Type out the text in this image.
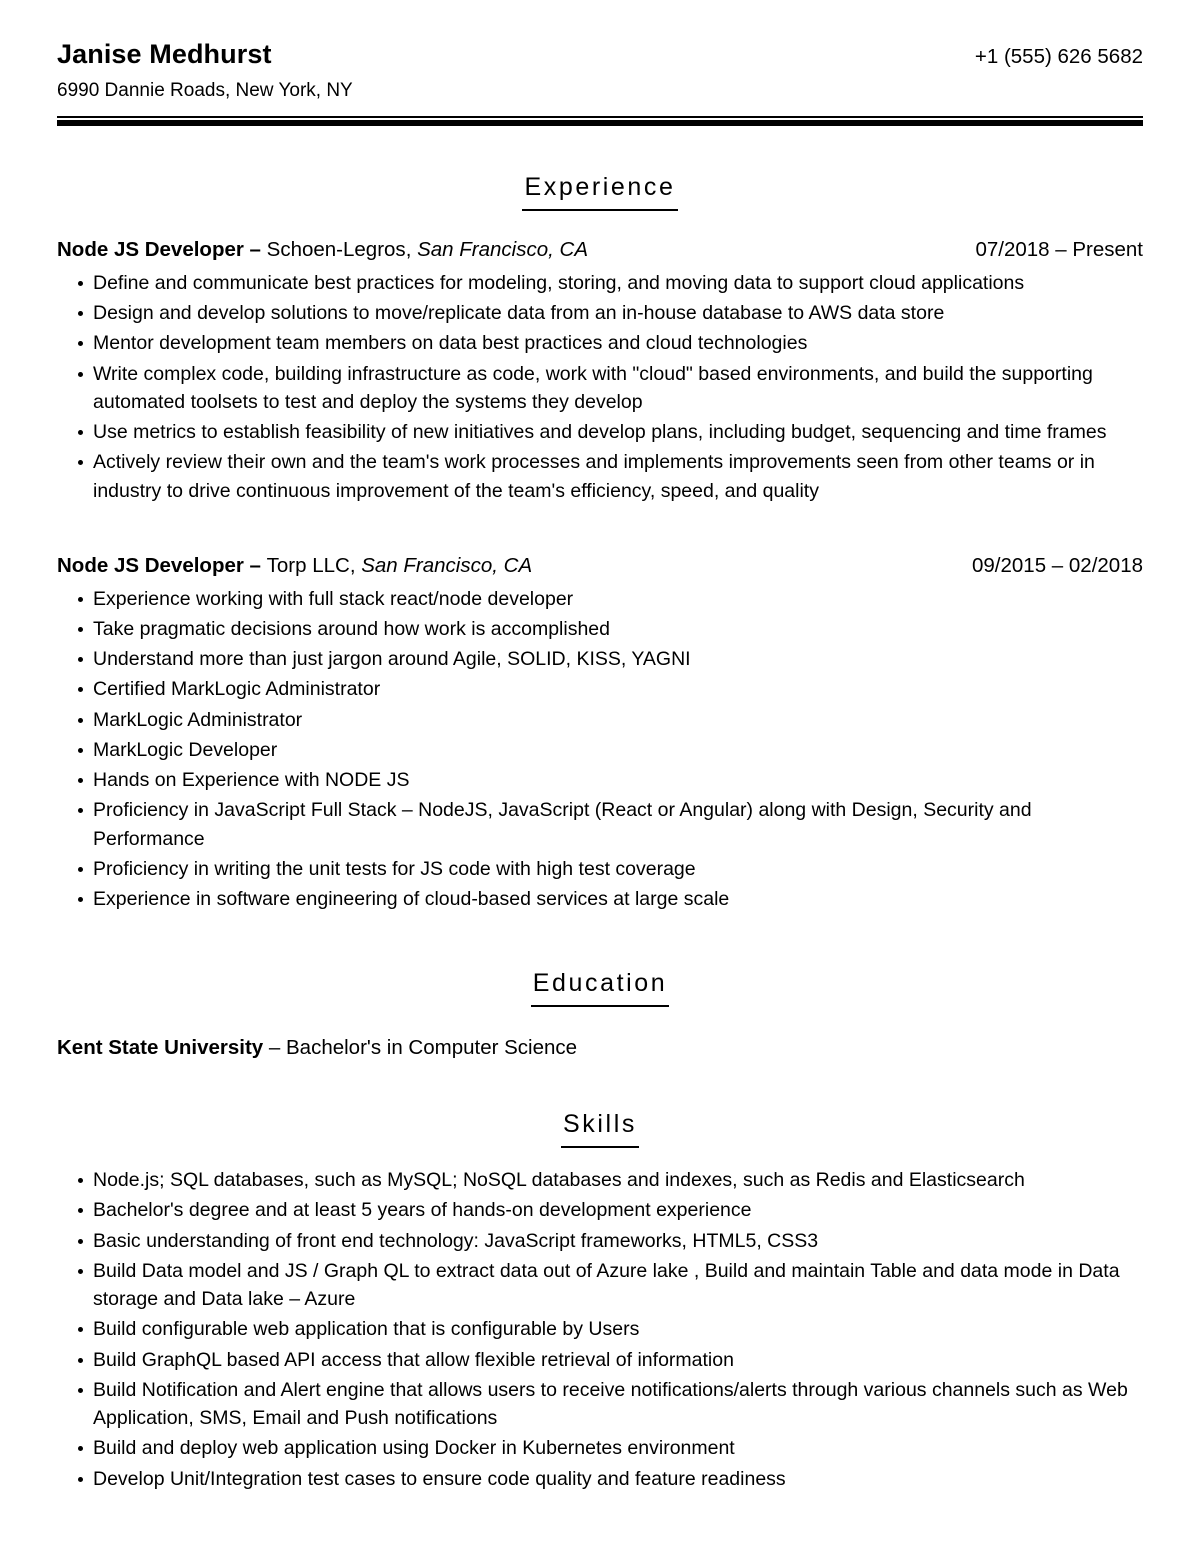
Janise Medhurst	+1 (555) 626 5682
6990 Dannie Roads, New York, NY
Experience
Node JS Developer – Schoen-Legros, San Francisco, CA	07/2018 – Present
Define and communicate best practices for modeling, storing, and moving data to support cloud applications
Design and develop solutions to move/replicate data from an in-house database to AWS data store
Mentor development team members on data best practices and cloud technologies
Write complex code, building infrastructure as code, work with "cloud" based environments, and build the supporting automated toolsets to test and deploy the systems they develop
Use metrics to establish feasibility of new initiatives and develop plans, including budget, sequencing and time frames
Actively review their own and the team's work processes and implements improvements seen from other teams or in industry to drive continuous improvement of the team's efficiency, speed, and quality
Node JS Developer – Torp LLC, San Francisco, CA	09/2015 – 02/2018
Experience working with full stack react/node developer
Take pragmatic decisions around how work is accomplished
Understand more than just jargon around Agile, SOLID, KISS, YAGNI
Certified MarkLogic Administrator
MarkLogic Administrator
MarkLogic Developer
Hands on Experience with NODE JS
Proficiency in JavaScript Full Stack – NodeJS, JavaScript (React or Angular) along with Design, Security and Performance
Proficiency in writing the unit tests for JS code with high test coverage
Experience in software engineering of cloud-based services at large scale
Education
Kent State University – Bachelor's in Computer Science
Skills
Node.js; SQL databases, such as MySQL; NoSQL databases and indexes, such as Redis and Elasticsearch
Bachelor's degree and at least 5 years of hands-on development experience
Basic understanding of front end technology: JavaScript frameworks, HTML5, CSS3
Build Data model and JS / Graph QL to extract data out of Azure lake , Build and maintain Table and data mode in Data storage and Data lake – Azure
Build configurable web application that is configurable by Users
Build GraphQL based API access that allow flexible retrieval of information
Build Notification and Alert engine that allows users to receive notifications/alerts through various channels such as Web Application, SMS, Email and Push notifications
Build and deploy web application using Docker in Kubernetes environment
Develop Unit/Integration test cases to ensure code quality and feature readiness
